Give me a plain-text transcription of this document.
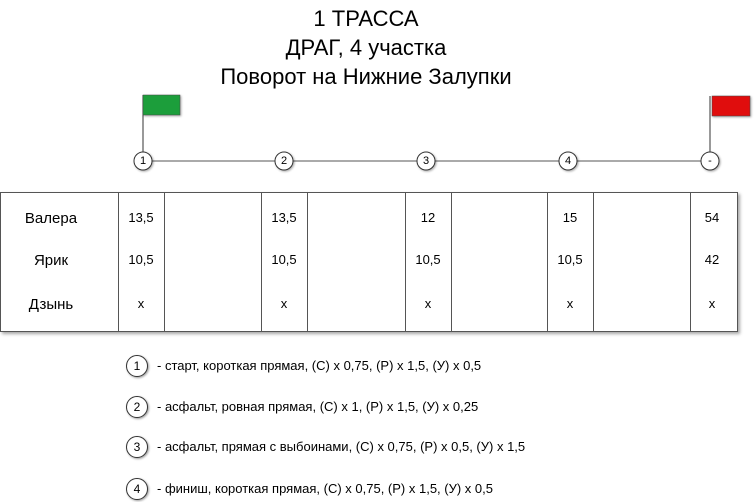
1 ТРАССА
ДРАГ, 4 участка
Поворот на Нижние Залупки
1	2	3	4	-
Валера	13,5	13,5	12	15	54
Ярик	10,5	10,5	10,5	10,5	42
Дзынь	x	x	x	x	x
1	- старт, короткая прямая, (С) х 0,75, (Р) х 1,5, (У) х 0,5
2	- асфальт, ровная прямая, (С) х 1, (Р) х 1,5, (У) х 0,25
3	- асфальт, прямая с выбоинами, (С) х 0,75, (Р) х 0,5, (У) х 1,5
4	- финиш, короткая прямая, (С) х 0,75, (Р) х 1,5, (У) х 0,5
